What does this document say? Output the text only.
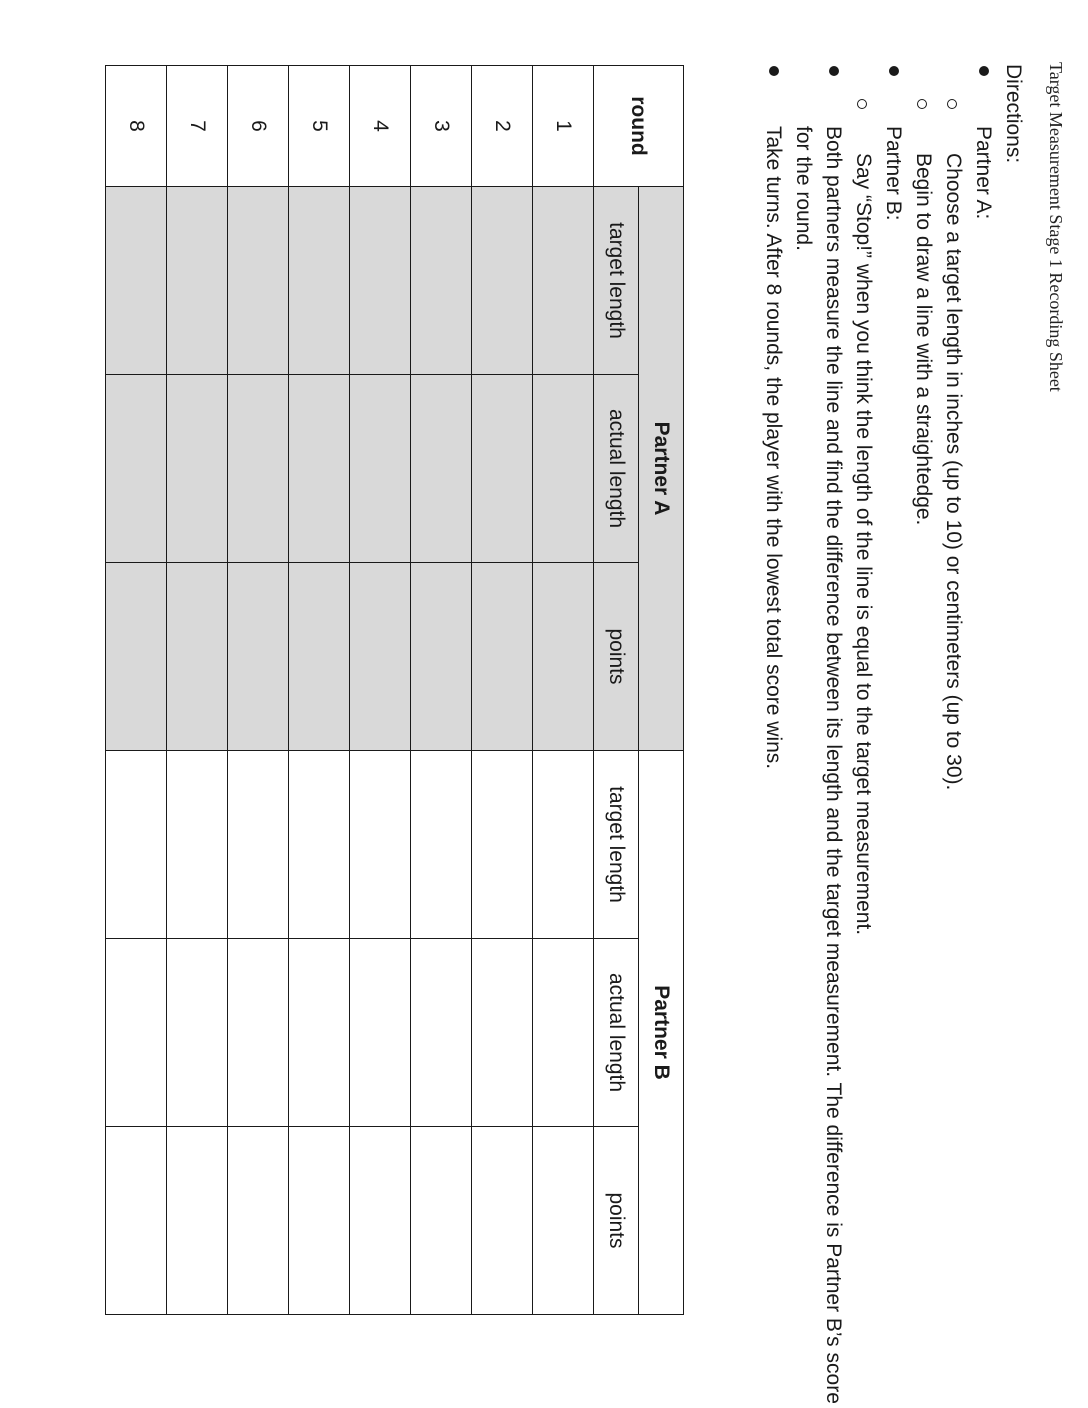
Target Measurement Stage 1 Recording Sheet
Directions:
Partner A:
Choose a target length in inches (up to 10) or centimeters (up to 30).
Begin to draw a line with a straightedge.
Partner B:
Say “Stop!” when you think the length of the line is equal to the target measurement.
Both partners measure the line and find the difference between its length and the target measurement. The difference is Partner B’s score for the round.
Take turns. After 8 rounds, the player with the lowest total score wins.
round	Partner A			Partner B		
	target length	actual length	points	target length	actual length	points
1						
2						
3						
4						
5						
6						
7						
8						
